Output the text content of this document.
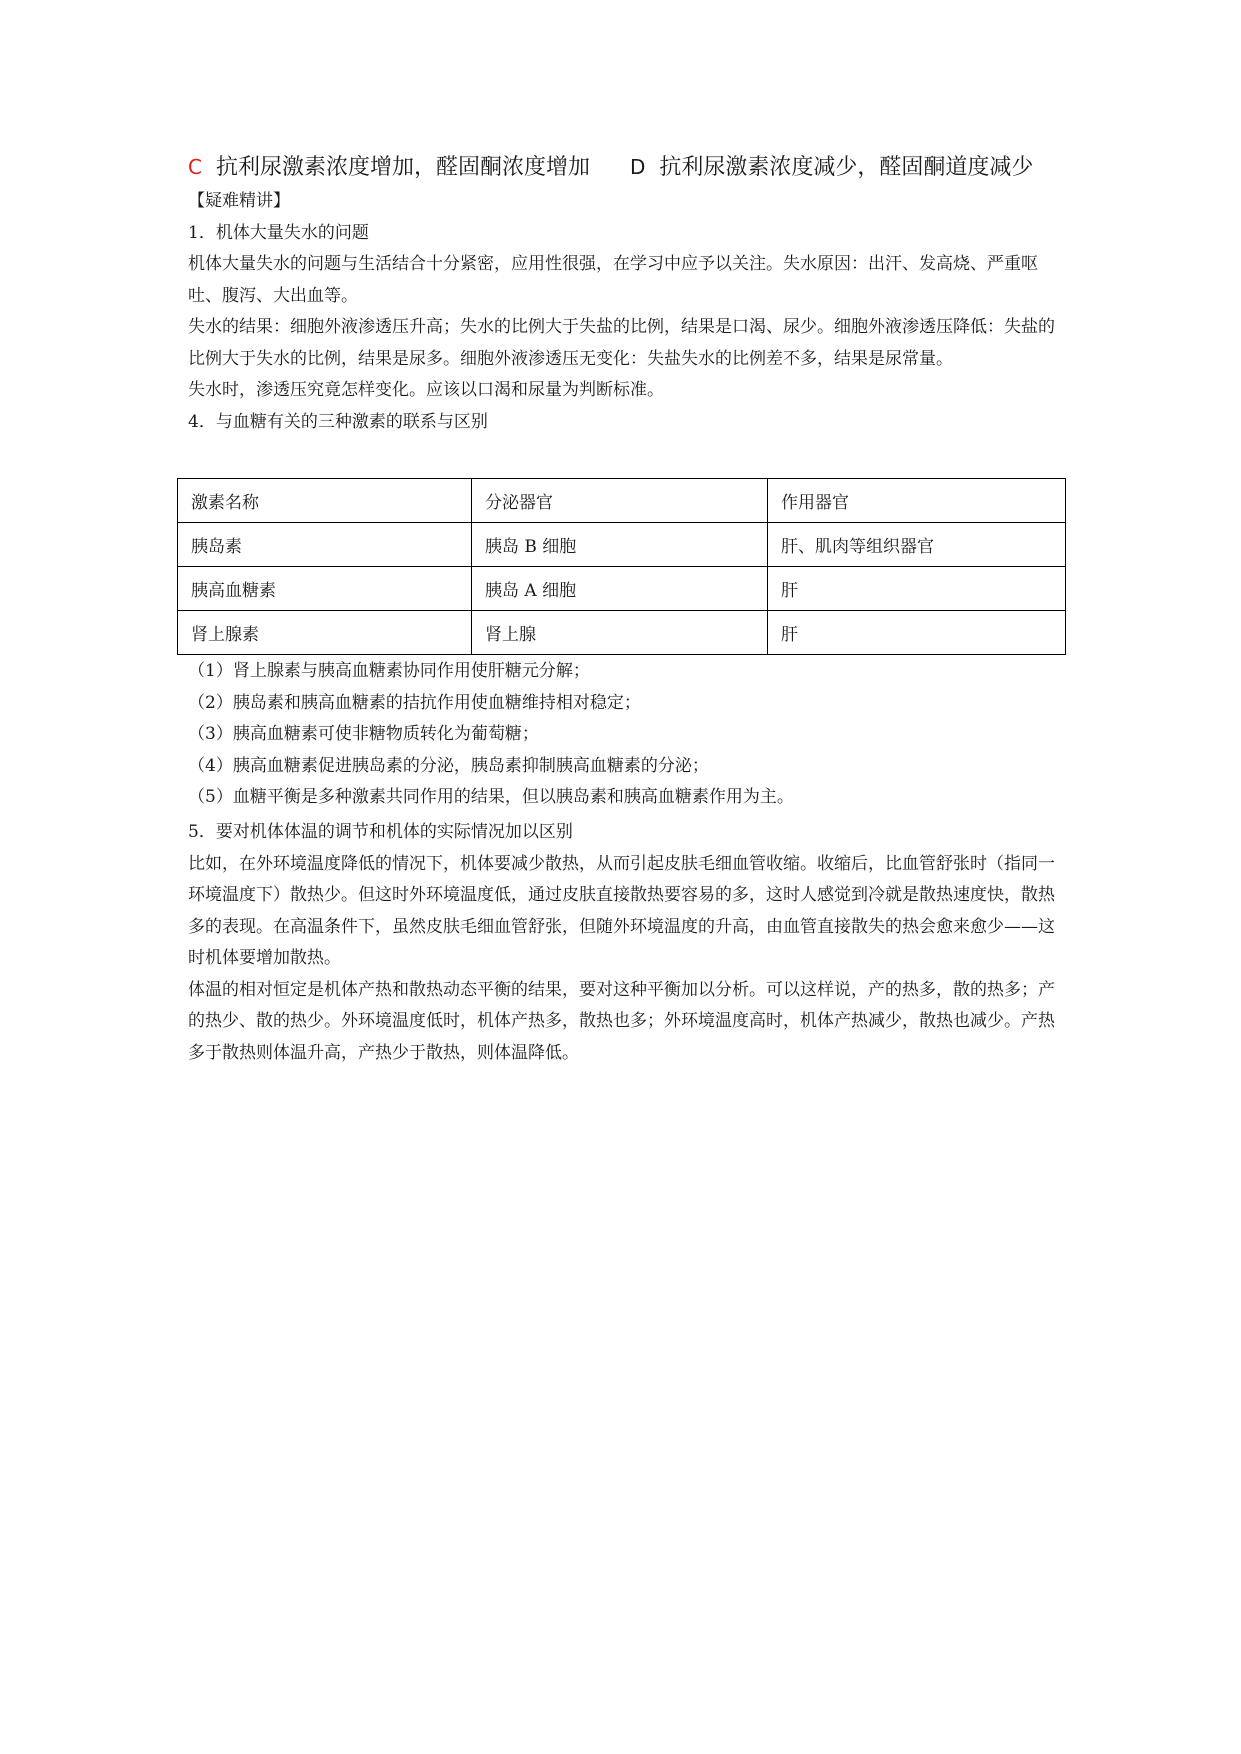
C 抗利尿激素浓度增加，醛固酮浓度增加 D 抗利尿激素浓度减少，醛固酮道度减少

【疑难精讲】

1．机体大量失水的问题

机体大量失水的问题与生活结合十分紧密，应用性很强，在学习中应予以关注。失水原因：出汗、发高烧、严重呕吐、腹泻、大出血等。

失水的结果：细胞外液渗透压升高；失水的比例大于失盐的比例，结果是口渴、尿少。细胞外液渗透压降低：失盐的比例大于失水的比例，结果是尿多。细胞外液渗透压无变化：失盐失水的比例差不多，结果是尿常量。

失水时，渗透压究竟怎样变化。应该以口渴和尿量为判断标准。

4．与血糖有关的三种激素的联系与区别

激素名称	分泌器官	作用器官
胰岛素	胰岛 B 细胞	肝、肌肉等组织器官
胰高血糖素	胰岛 A 细胞	肝
肾上腺素	肾上腺	肝

（1）肾上腺素与胰高血糖素协同作用使肝糖元分解；

（2）胰岛素和胰高血糖素的拮抗作用使血糖维持相对稳定；

（3）胰高血糖素可使非糖物质转化为葡萄糖；

（4）胰高血糖素促进胰岛素的分泌，胰岛素抑制胰高血糖素的分泌；

（5）血糖平衡是多种激素共同作用的结果，但以胰岛素和胰高血糖素作用为主。

5．要对机体体温的调节和机体的实际情况加以区别

比如，在外环境温度降低的情况下，机体要减少散热，从而引起皮肤毛细血管收缩。收缩后，比血管舒张时（指同一环境温度下）散热少。但这时外环境温度低，通过皮肤直接散热要容易的多，这时人感觉到冷就是散热速度快，散热多的表现。在高温条件下，虽然皮肤毛细血管舒张，但随外环境温度的升高，由血管直接散失的热会愈来愈少——这时机体要增加散热。

体温的相对恒定是机体产热和散热动态平衡的结果，要对这种平衡加以分析。可以这样说，产的热多，散的热多；产的热少、散的热少。外环境温度低时，机体产热多，散热也多；外环境温度高时，机体产热减少，散热也减少。产热多于散热则体温升高，产热少于散热，则体温降低。
